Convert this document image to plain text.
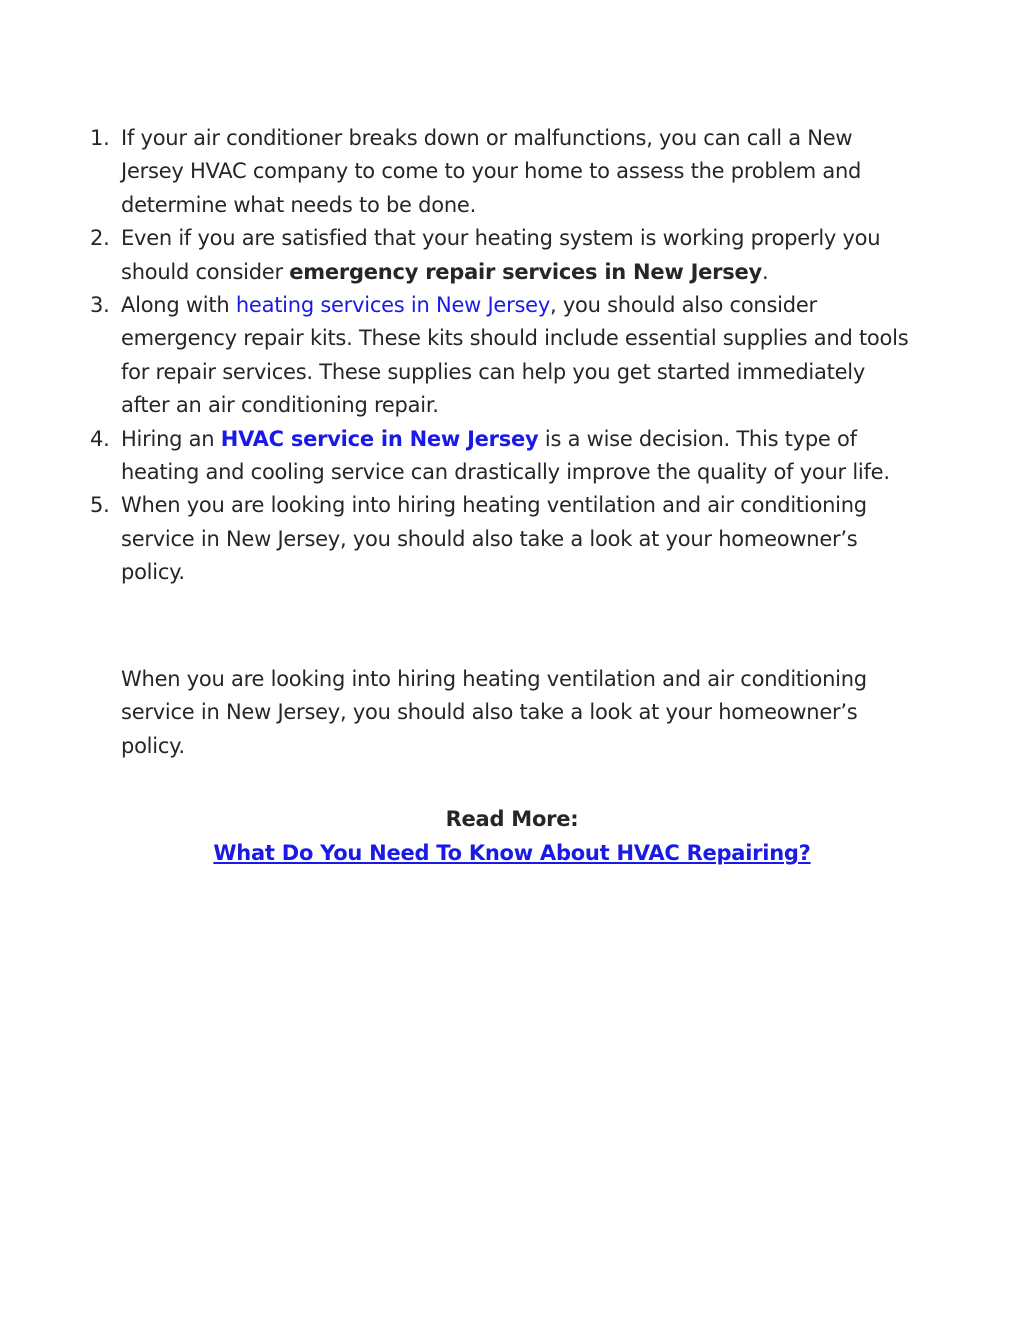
1. If your air conditioner breaks down or malfunctions, you can call a New Jersey HVAC company to come to your home to assess the problem and determine what needs to be done.
2. Even if you are satisfied that your heating system is working properly you should consider emergency repair services in New Jersey.
3. Along with heating services in New Jersey, you should also consider emergency repair kits. These kits should include essential supplies and tools for repair services. These supplies can help you get started immediately after an air conditioning repair.
4. Hiring an HVAC service in New Jersey is a wise decision. This type of heating and cooling service can drastically improve the quality of your life.
5. When you are looking into hiring heating ventilation and air conditioning service in New Jersey, you should also take a look at your homeowner’s policy.

When you are looking into hiring heating ventilation and air conditioning service in New Jersey, you should also take a look at your homeowner’s policy.

Read More:

What Do You Need To Know About HVAC Repairing?
